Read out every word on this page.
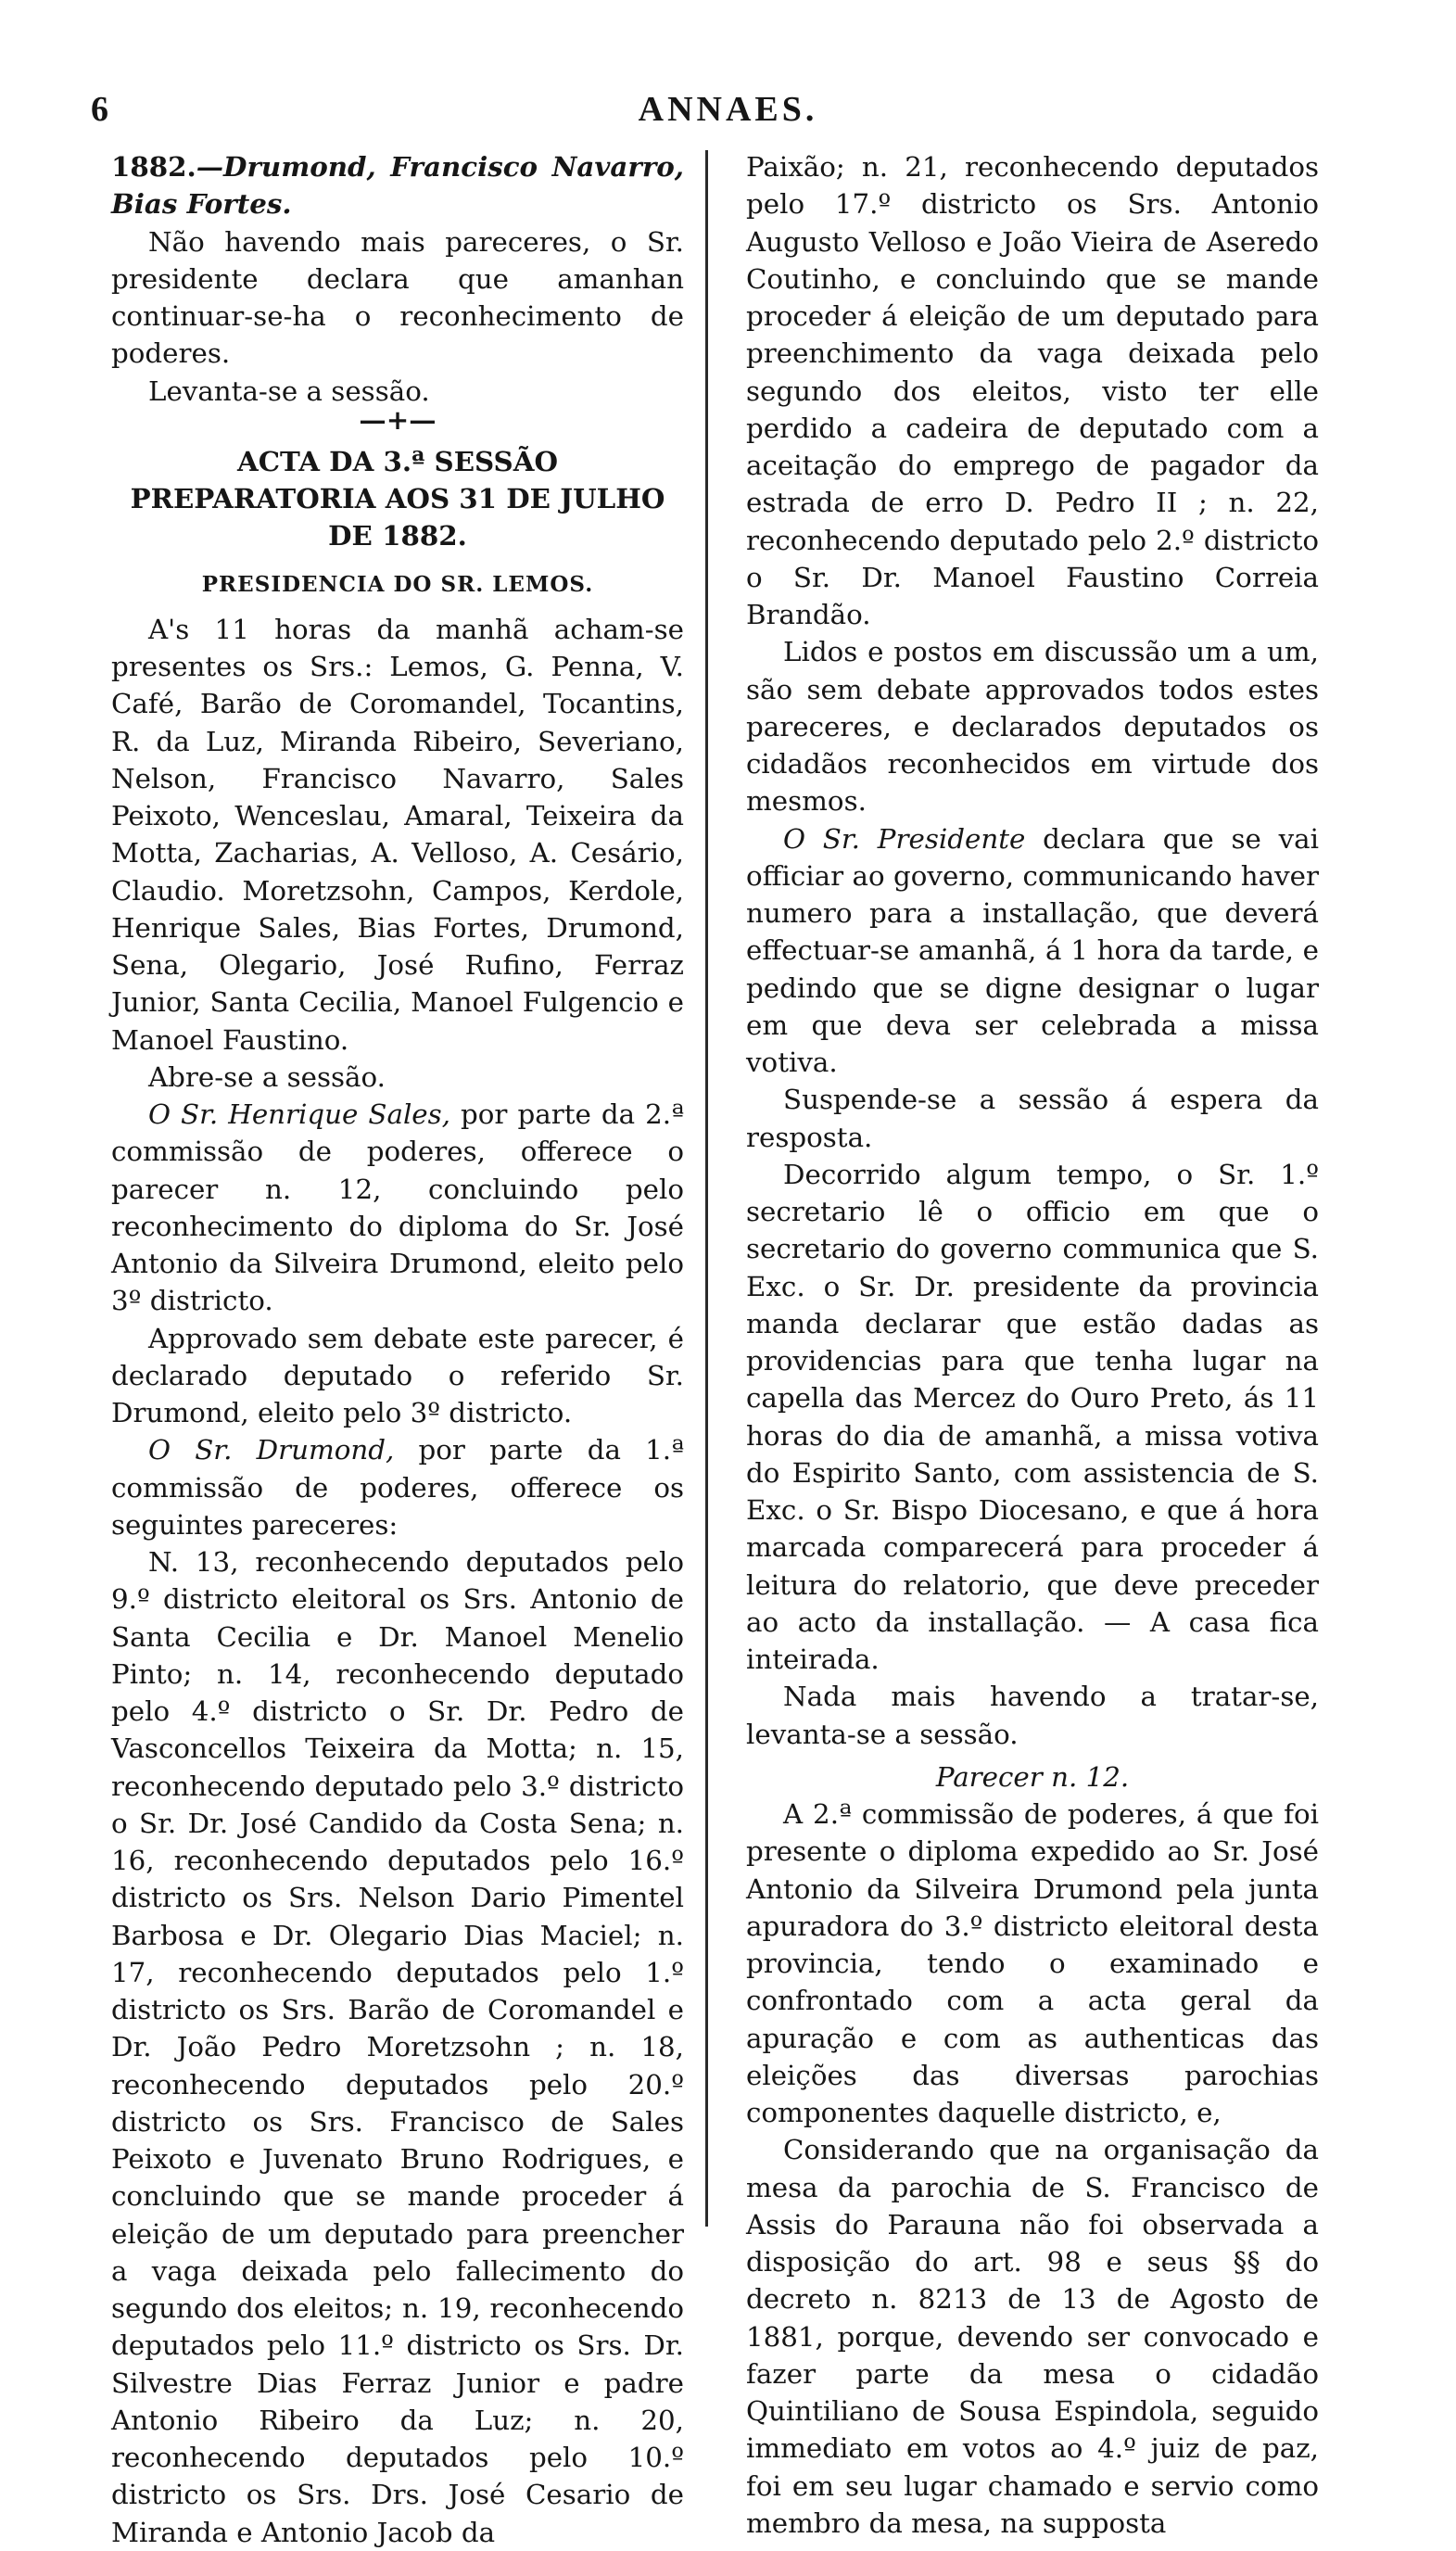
6	ANNAES.

1882.—Drumond, Francisco Navarro, Bias Fortes.

Não havendo mais pareceres, o Sr. presidente declara que amanhan continuar-se-ha o reconhecimento de poderes.

Levanta-se a sessão.

—+—

ACTA DA 3.ª SESSÃO PREPARATORIA AOS 31 DE JULHO DE 1882.

PRESIDENCIA DO SR. LEMOS.

A's 11 horas da manhã acham-se presentes os Srs.: Lemos, G. Penna, V. Café, Barão de Coromandel, Tocantins, R. da Luz, Miranda Ribeiro, Severiano, Nelson, Francisco Navarro, Sales Peixoto, Wenceslau, Amaral, Teixeira da Motta, Zacharias, A. Velloso, A. Cesário, Claudio. Moretzsohn, Campos, Kerdole, Henrique Sales, Bias Fortes, Drumond, Sena, Olegario, José Rufino, Ferraz Junior, Santa Cecilia, Manoel Fulgencio e Manoel Faustino.

Abre-se a sessão.

O Sr. Henrique Sales, por parte da 2.ª commissão de poderes, offerece o parecer n. 12, concluindo pelo reconhecimento do diploma do Sr. José Antonio da Silveira Drumond, eleito pelo 3º districto.

Approvado sem debate este parecer, é declarado deputado o referido Sr. Drumond, eleito pelo 3º districto.

O Sr. Drumond, por parte da 1.ª commissão de poderes, offerece os seguintes pareceres:

N. 13, reconhecendo deputados pelo 9.º districto eleitoral os Srs. Antonio de Santa Cecilia e Dr. Manoel Menelio Pinto; n. 14, reconhecendo deputado pelo 4.º districto o Sr. Dr. Pedro de Vasconcellos Teixeira da Motta; n. 15, reconhecendo deputado pelo 3.º districto o Sr. Dr. José Candido da Costa Sena; n. 16, reconhecendo deputados pelo 16.º districto os Srs. Nelson Dario Pimentel Barbosa e Dr. Olegario Dias Maciel; n. 17, reconhecendo deputados pelo 1.º districto os Srs. Barão de Coromandel e Dr. João Pedro Moretzsohn ; n. 18, reconhecendo deputados pelo 20.º districto os Srs. Francisco de Sales Peixoto e Juvenato Bruno Rodrigues, e concluindo que se mande proceder á eleição de um deputado para preencher a vaga deixada pelo fallecimento do segundo dos eleitos; n. 19, reconhecendo deputados pelo 11.º districto os Srs. Dr. Silvestre Dias Ferraz Junior e padre Antonio Ribeiro da Luz; n. 20, reconhecendo deputados pelo 10.º districto os Srs. Drs. José Cesario de Miranda e Antonio Jacob da

Paixão; n. 21, reconhecendo deputados pelo 17.º districto os Srs. Antonio Augusto Velloso e João Vieira de Aseredo Coutinho, e concluindo que se mande proceder á eleição de um deputado para preenchimento da vaga deixada pelo segundo dos eleitos, visto ter elle perdido a cadeira de deputado com a aceitação do emprego de pagador da estrada de erro D. Pedro II ; n. 22, reconhecendo deputado pelo 2.º districto o Sr. Dr. Manoel Faustino Correia Brandão.

Lidos e postos em discussão um a um, são sem debate approvados todos estes pareceres, e declarados deputados os cidadãos reconhecidos em virtude dos mesmos.

O Sr. Presidente declara que se vai officiar ao governo, communicando haver numero para a installação, que deverá effectuar-se amanhã, á 1 hora da tarde, e pedindo que se digne designar o lugar em que deva ser celebrada a missa votiva.

Suspende-se a sessão á espera da resposta.

Decorrido algum tempo, o Sr. 1.º secretario lê o officio em que o secretario do governo communica que S. Exc. o Sr. Dr. presidente da provincia manda declarar que estão dadas as providencias para que tenha lugar na capella das Mercez do Ouro Preto, ás 11 horas do dia de amanhã, a missa votiva do Espirito Santo, com assistencia de S. Exc. o Sr. Bispo Diocesano, e que á hora marcada comparecerá para proceder á leitura do relatorio, que deve preceder ao acto da installação. — A casa fica inteirada.

Nada mais havendo a tratar-se, levanta-se a sessão.

Parecer n. 12.

A 2.ª commissão de poderes, á que foi presente o diploma expedido ao Sr. José Antonio da Silveira Drumond pela junta apuradora do 3.º districto eleitoral desta provincia, tendo o examinado e confrontado com a acta geral da apuração e com as authenticas das eleições das diversas parochias componentes daquelle districto, e,

Considerando que na organisação da mesa da parochia de S. Francisco de Assis do Parauna não foi observada a disposição do art. 98 e seus §§ do decreto n. 8213 de 13 de Agosto de 1881, porque, devendo ser convocado e fazer parte da mesa o cidadão Quintiliano de Sousa Espindola, seguido immediato em votos ao 4.º juiz de paz, foi em seu lugar chamado e servio como membro da mesa, na supposta
